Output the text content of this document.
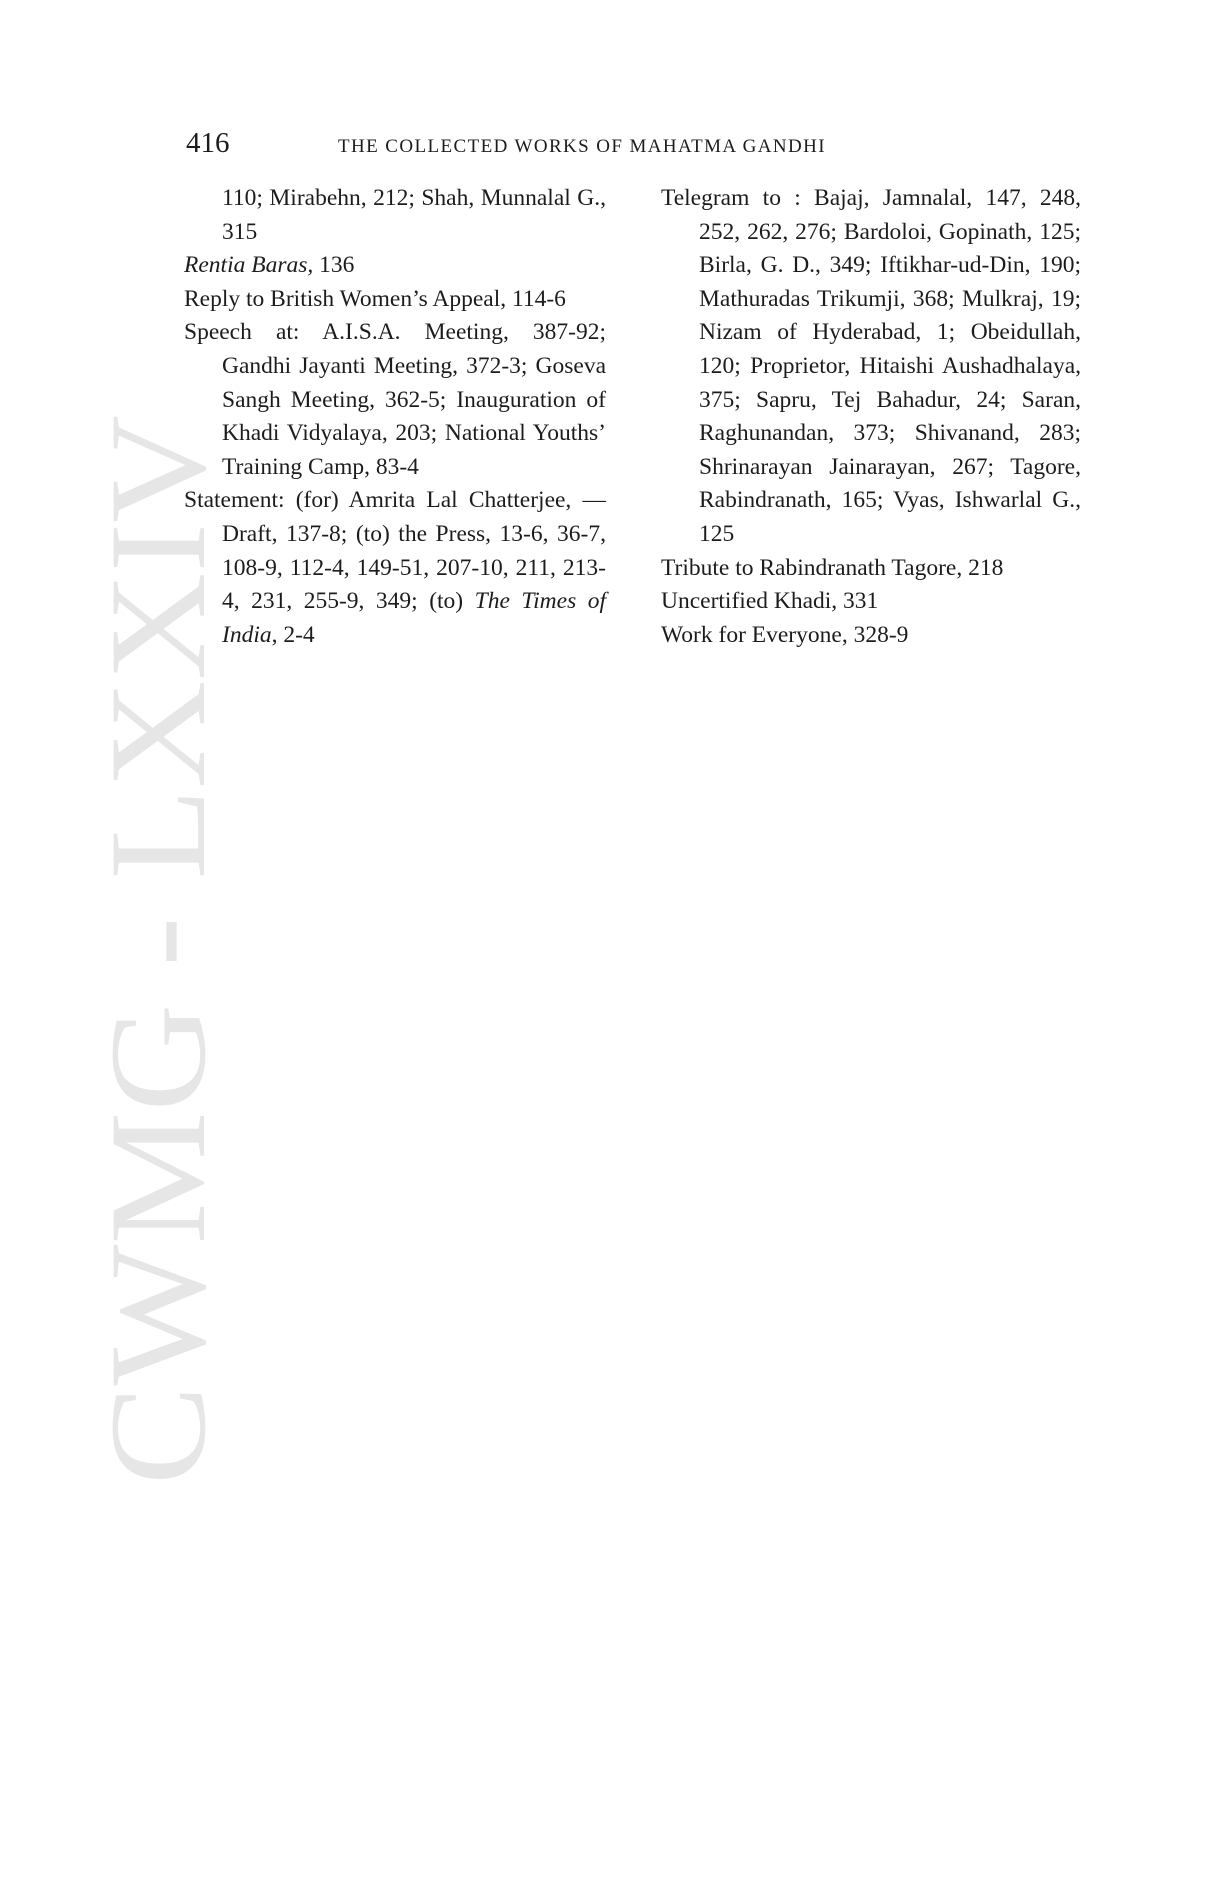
CWMG - LXXIV
416	THE COLLECTED WORKS OF MAHATMA GANDHI
110; Mirabehn, 212; Shah, Munnalal G., 315
Rentia Baras, 136
Reply to British Women’s Appeal, 114-6
Speech at: A.I.S.A. Meeting, 387-92; Gandhi Jayanti Meeting, 372-3; Goseva Sangh Meeting, 362-5; Inauguration of Khadi Vidyalaya, 203; National Youths’ Training Camp, 83-4
Statement: (for) Amrita Lal Chatterjee, —Draft, 137-8; (to) the Press, 13-6, 36-7, 108-9, 112-4, 149-51, 207-10, 211, 213-4, 231, 255-9, 349; (to) The Times of India, 2-4
Telegram to : Bajaj, Jamnalal, 147, 248, 252, 262, 276; Bardoloi, Gopinath, 125; Birla, G. D., 349; Iftikhar-ud-Din, 190; Mathuradas Trikumji, 368; Mulkraj, 19; Nizam of Hyderabad, 1; Obeidullah, 120; Proprietor, Hitaishi Aushadhalaya, 375; Sapru, Tej Bahadur, 24; Saran, Raghunandan, 373; Shivanand, 283; Shrinarayan Jainarayan, 267; Tagore, Rabindranath, 165; Vyas, Ishwarlal G., 125
Tribute to Rabindranath Tagore, 218
Uncertified Khadi, 331
Work for Everyone, 328-9
